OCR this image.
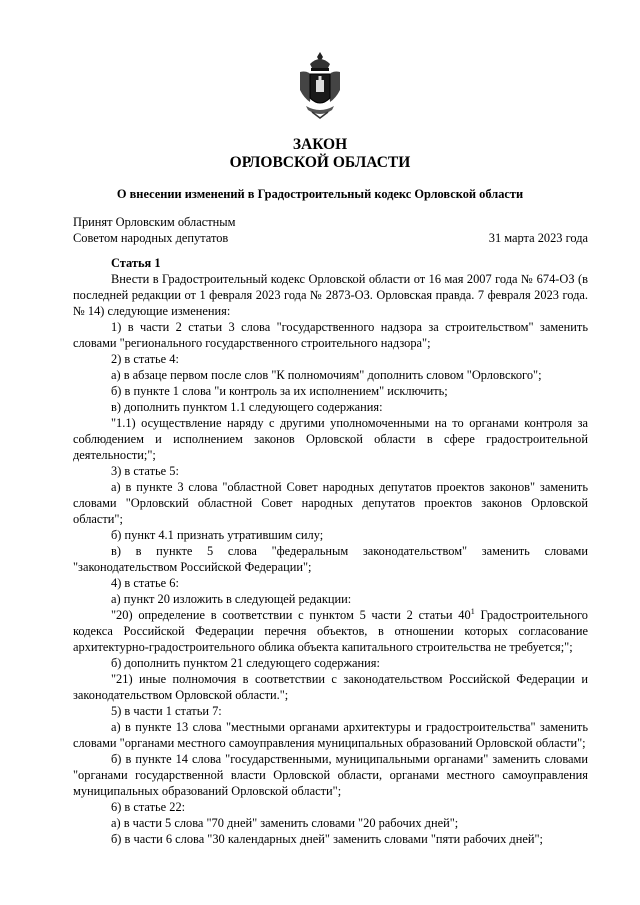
ЗАКОН
ОРЛОВСКОЙ ОБЛАСТИ
О внесении изменений в Градостроительный кодекс Орловской области
Принят Орловским областным
Советом народных депутатов	31 марта 2023 года

Статья 1

Внести в Градостроительный кодекс Орловской области от 16 мая 2007 года № 674-ОЗ (в последней редакции от 1 февраля 2023 года № 2873-ОЗ. Орловская правда. 7 февраля 2023 года. № 14) следующие изменения:

1) в части 2 статьи 3 слова "государственного надзора за строительством" заменить словами "регионального государственного строительного надзора";

2) в статье 4:

а) в абзаце первом после слов "К полномочиям" дополнить словом "Орловского";

б) в пункте 1 слова "и контроль за их исполнением" исключить;

в) дополнить пунктом 1.1 следующего содержания:

"1.1) осуществление наряду с другими уполномоченными на то органами контроля за соблюдением и исполнением законов Орловской области в сфере градостроительной деятельности;";

3) в статье 5:

а) в пункте 3 слова "областной Совет народных депутатов проектов законов" заменить словами "Орловский областной Совет народных депутатов проектов законов Орловской области";

б) пункт 4.1 признать утратившим силу;

в) в пункте 5 слова "федеральным законодательством" заменить словами "законодательством Российской Федерации";

4) в статье 6:

а) пункт 20 изложить в следующей редакции:

"20) определение в соответствии с пунктом 5 части 2 статьи $40^1$ Градостроительного кодекса Российской Федерации перечня объектов, в отношении которых согласование архитектурно-градостроительного облика объекта капитального строительства не требуется;";

б) дополнить пунктом 21 следующего содержания:

"21) иные полномочия в соответствии с законодательством Российской Федерации и законодательством Орловской области.";

5) в части 1 статьи 7:

а) в пункте 13 слова "местными органами архитектуры и градостроительства" заменить словами "органами местного самоуправления муниципальных образований Орловской области";

б) в пункте 14 слова "государственными, муниципальными органами" заменить словами "органами государственной власти Орловской области, органами местного самоуправления муниципальных образований Орловской области";

6) в статье 22:

а) в части 5 слова "70 дней" заменить словами "20 рабочих дней";

б) в части 6 слова "30 календарных дней" заменить словами "пяти рабочих дней";
